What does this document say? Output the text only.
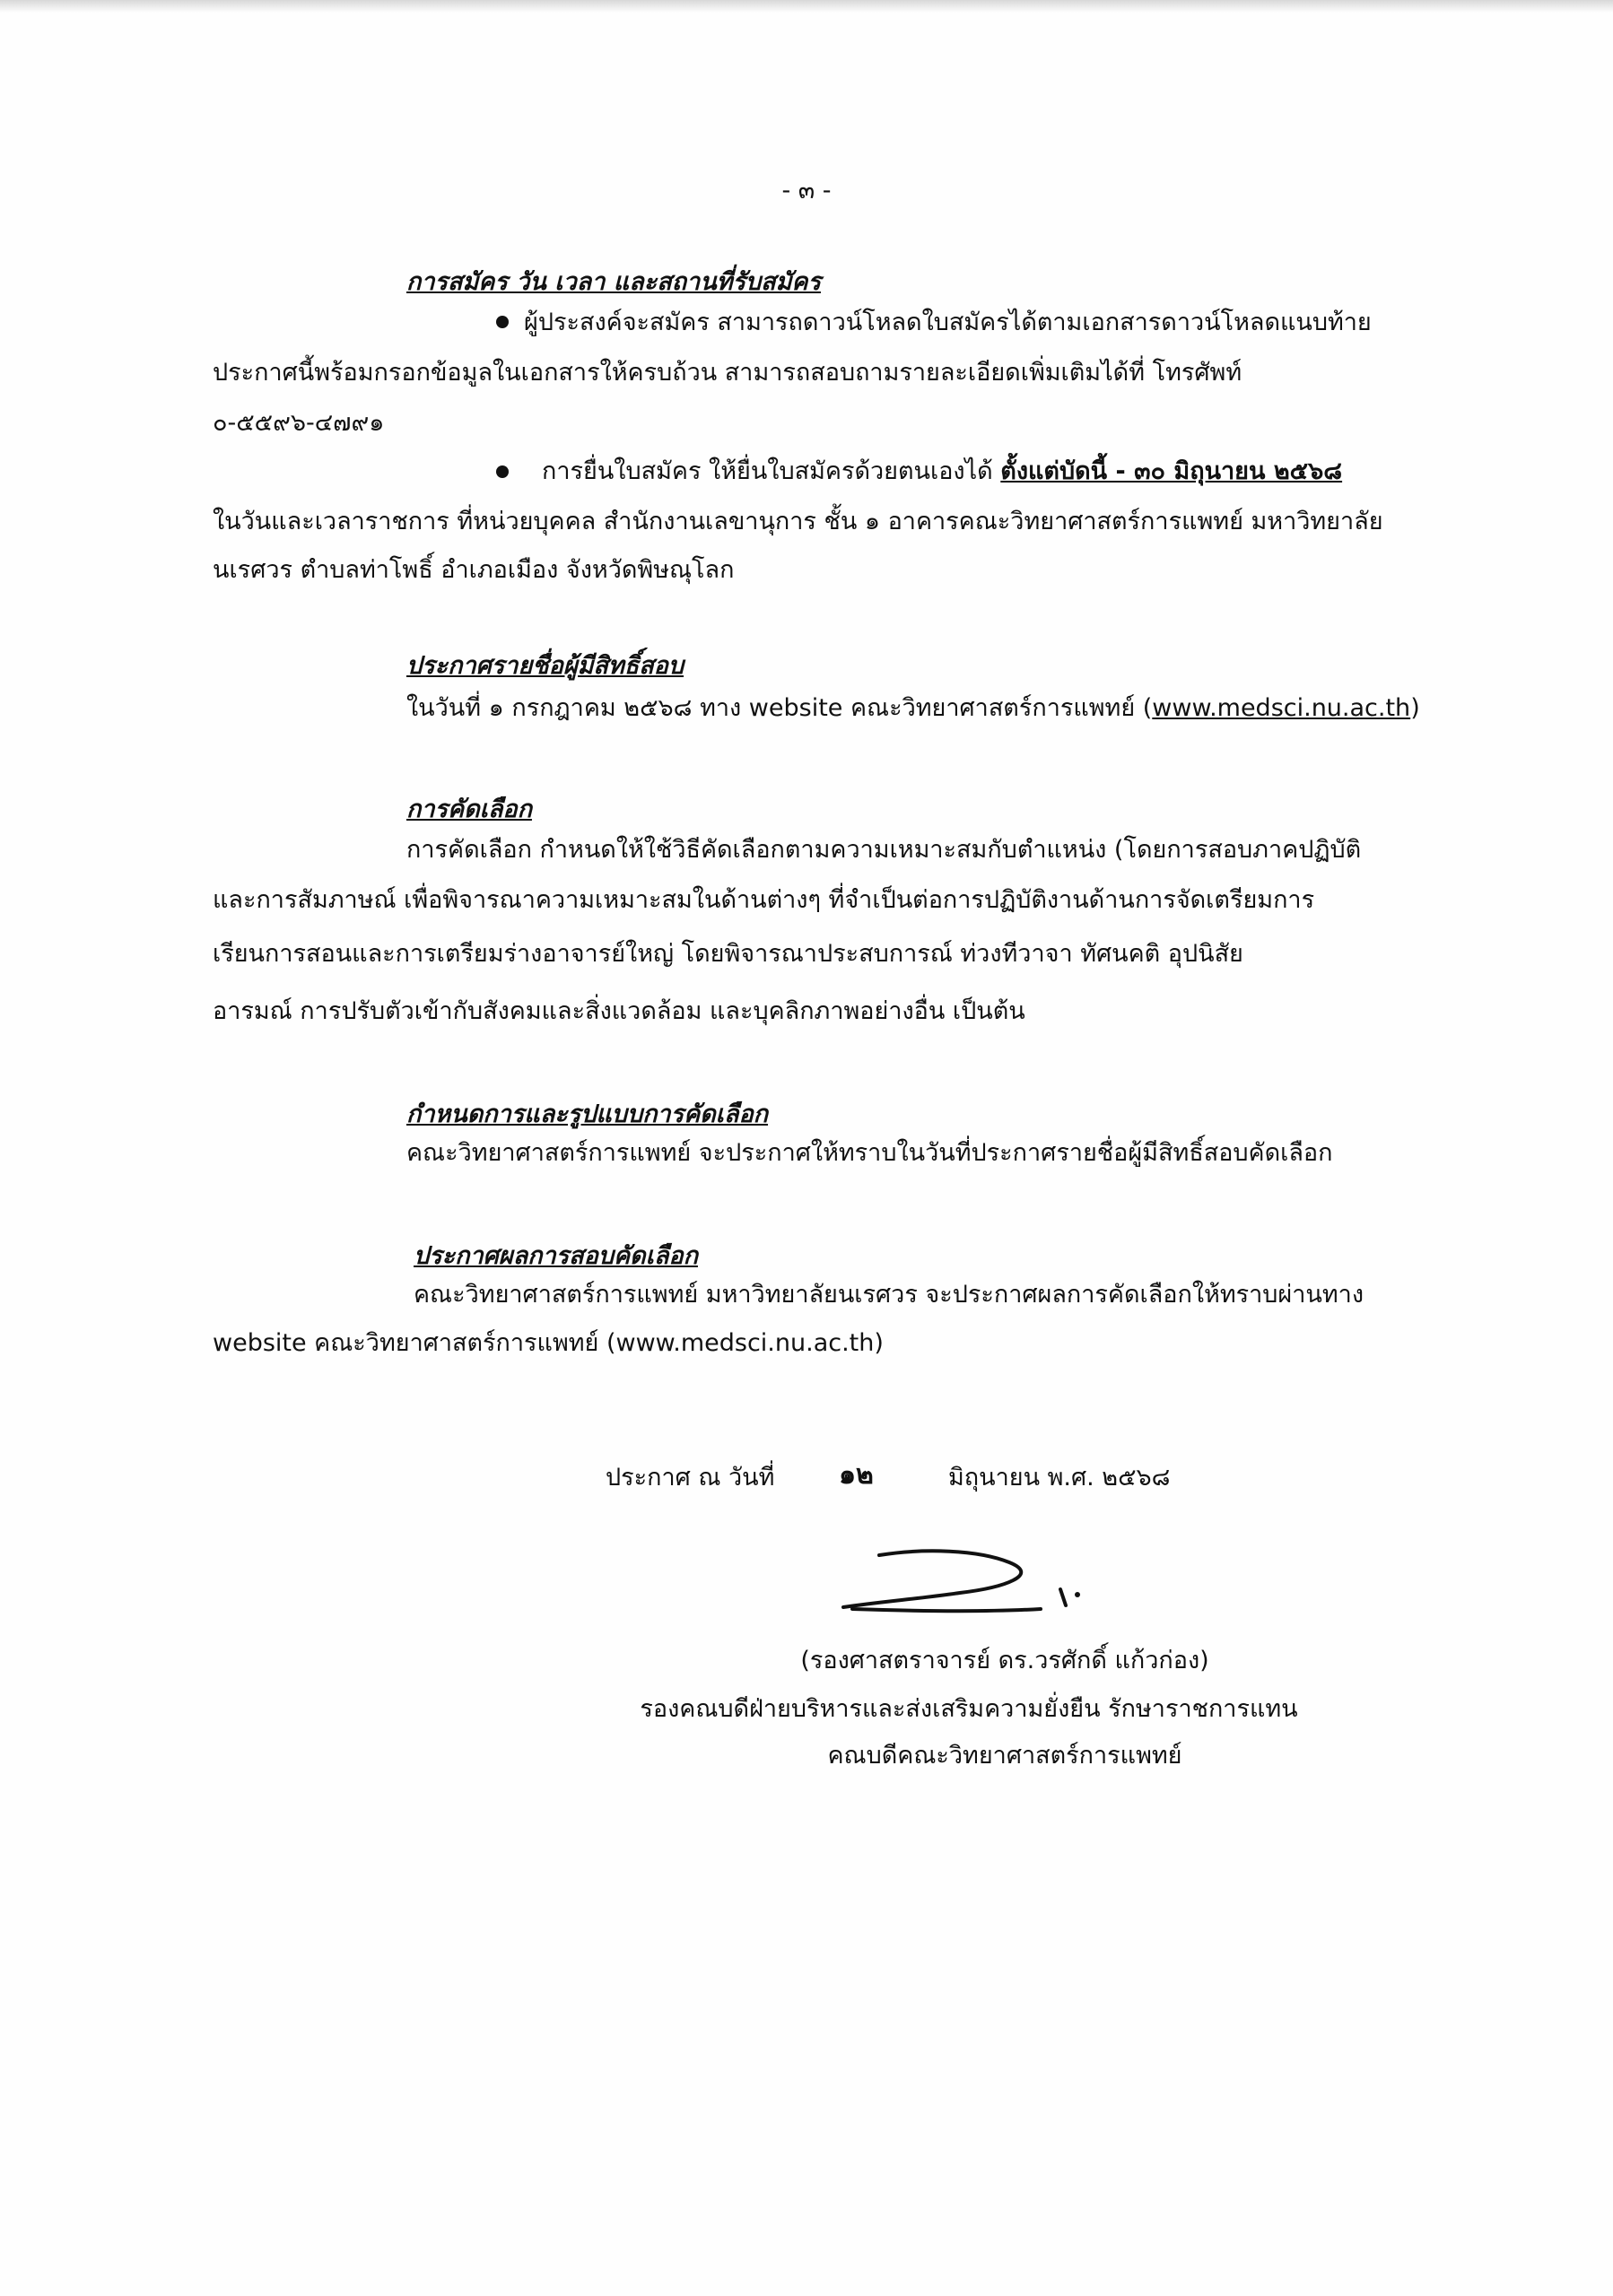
- ๓ -
การสมัคร วัน เวลา และสถานที่รับสมัคร
ผู้ประสงค์จะสมัคร สามารถดาวน์โหลดใบสมัครได้ตามเอกสารดาวน์โหลดแนบท้าย
ประกาศนี้พร้อมกรอกข้อมูลในเอกสารให้ครบถ้วน สามารถสอบถามรายละเอียดเพิ่มเติมได้ที่ โทรศัพท์
๐-๕๕๙๖-๔๗๙๑
การยื่นใบสมัคร ให้ยื่นใบสมัครด้วยตนเองได้ ตั้งแต่บัดนี้ - ๓๐ มิถุนายน ๒๕๖๘
ในวันและเวลาราชการ ที่หน่วยบุคคล สำนักงานเลขานุการ ชั้น ๑ อาคารคณะวิทยาศาสตร์การแพทย์ มหาวิทยาลัย
นเรศวร ตำบลท่าโพธิ์ อำเภอเมือง จังหวัดพิษณุโลก
ประกาศรายชื่อผู้มีสิทธิ์สอบ
ในวันที่ ๑ กรกฎาคม ๒๕๖๘ ทาง website คณะวิทยาศาสตร์การแพทย์ (www.medsci.nu.ac.th)
การคัดเลือก
การคัดเลือก กำหนดให้ใช้วิธีคัดเลือกตามความเหมาะสมกับตำแหน่ง (โดยการสอบภาคปฏิบัติ
และการสัมภาษณ์ เพื่อพิจารณาความเหมาะสมในด้านต่างๆ ที่จำเป็นต่อการปฏิบัติงานด้านการจัดเตรียมการ
เรียนการสอนและการเตรียมร่างอาจารย์ใหญ่ โดยพิจารณาประสบการณ์ ท่วงทีวาจา ทัศนคติ อุปนิสัย
อารมณ์ การปรับตัวเข้ากับสังคมและสิ่งแวดล้อม และบุคลิกภาพอย่างอื่น เป็นต้น
กำหนดการและรูปแบบการคัดเลือก
คณะวิทยาศาสตร์การแพทย์ จะประกาศให้ทราบในวันที่ประกาศรายชื่อผู้มีสิทธิ์สอบคัดเลือก
ประกาศผลการสอบคัดเลือก
คณะวิทยาศาสตร์การแพทย์ มหาวิทยาลัยนเรศวร จะประกาศผลการคัดเลือกให้ทราบผ่านทาง
website คณะวิทยาศาสตร์การแพทย์ (www.medsci.nu.ac.th)
ประกาศ ณ วันที่ ๑๒	มิถุนายน พ.ศ. ๒๕๖๘
(รองศาสตราจารย์ ดร.วรศักดิ์ แก้วก่อง)
รองคณบดีฝ่ายบริหารและส่งเสริมความยั่งยืน รักษาราชการแทน
คณบดีคณะวิทยาศาสตร์การแพทย์
